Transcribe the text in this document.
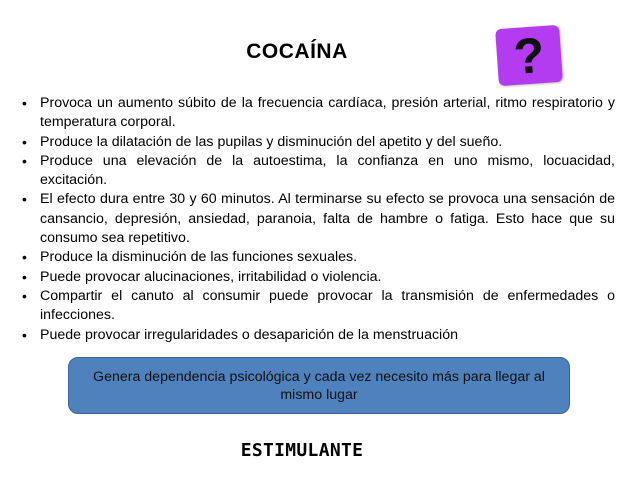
COCAÍNA	?
• Provoca un aumento súbito de la frecuencia cardíaca, presión arterial, ritmo respiratorio y temperatura corporal.
• Produce la dilatación de las pupilas y disminución del apetito y del sueño.
• Produce una elevación de la autoestima, la confianza en uno mismo, locuacidad, excitación.
• El efecto dura entre 30 y 60 minutos. Al terminarse su efecto se provoca una sensación de cansancio, depresión, ansiedad, paranoia, falta de hambre o fatiga. Esto hace que su consumo sea repetitivo.
• Produce la disminución de las funciones sexuales.
• Puede provocar alucinaciones, irritabilidad o violencia.
• Compartir el canuto al consumir puede provocar la transmisión de enfermedades o infecciones.
• Puede provocar irregularidades o desaparición de la menstruación
Genera dependencia psicológica y cada vez necesito más para llegar al mismo lugar
ESTIMULANTE
